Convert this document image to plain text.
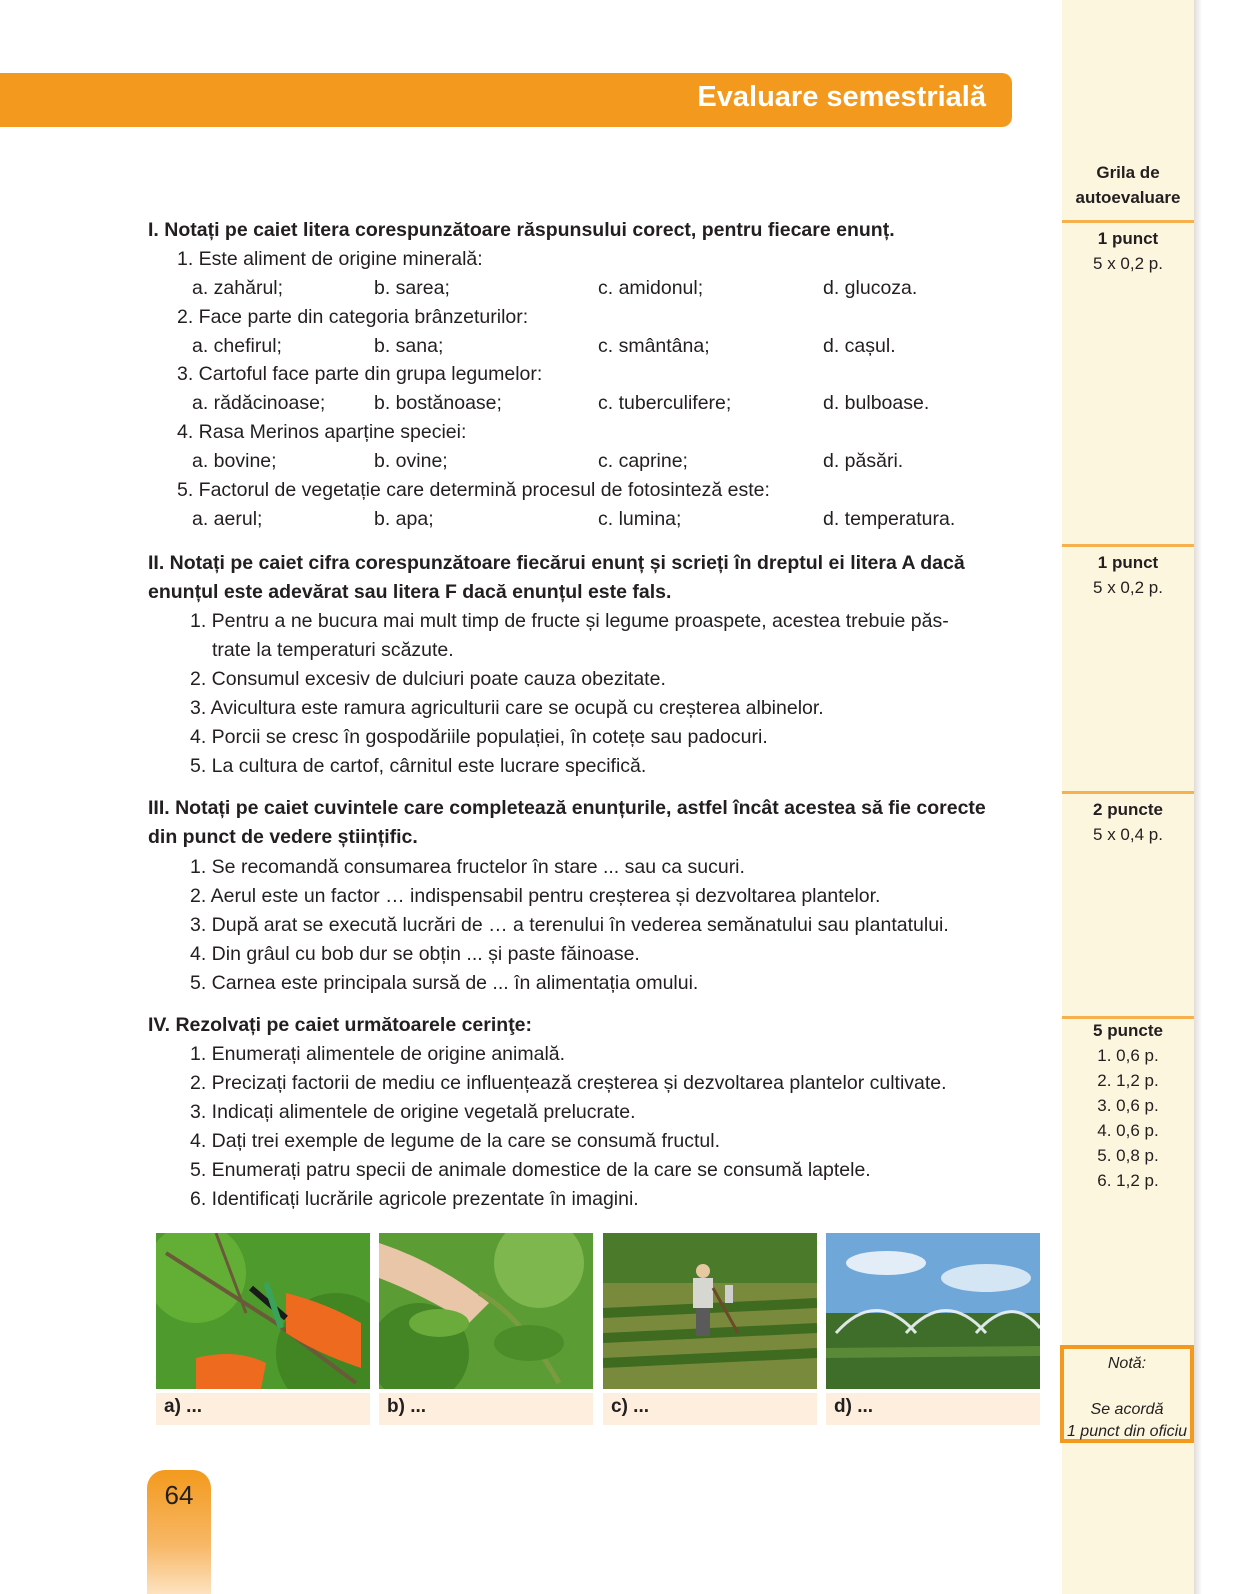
Evaluare semestrială
Grila de
autoevaluare
1 punct
5 x 0,2 p.
1 punct
5 x 0,2 p.
2 puncte
5 x 0,4 p.
5 puncte
1. 0,6 p.
2. 1,2 p.
3. 0,6 p.
4. 0,6 p.
5. 0,8 p.
6. 1,2 p.
I. Notați pe caiet litera corespunzătoare răspunsului corect, pentru fiecare enunț.
1. Este aliment de origine minerală:
a. zahărul;	b. sarea;	c. amidonul;	d. glucoza.
2. Face parte din categoria brânzeturilor:
a. chefirul;	b. sana;	c. smântâna;	d. cașul.
3. Cartoful face parte din grupa legumelor:
a. rădăcinoase; b. bostănoase;	c. tuberculifere;	d. bulboase.
4. Rasa Merinos aparține speciei:
a. bovine;	b. ovine;	c. caprine;	d. păsări.
5. Factorul de vegetație care determină procesul de fotosinteză este:
a. aerul;	b. apa;	c. lumina;	d. temperatura.
II. Notați pe caiet cifra corespunzătoare fiecărui enunț și scrieți în dreptul ei litera A dacă
enunțul este adevărat sau litera F dacă enunțul este fals.
1. Pentru a ne bucura mai mult timp de fructe și legume proaspete, acestea trebuie păs-
trate la temperaturi scăzute.
2. Consumul excesiv de dulciuri poate cauza obezitate.
3. Avicultura este ramura agriculturii care se ocupă cu creșterea albinelor.
4. Porcii se cresc în gospodăriile populației, în cotețe sau padocuri.
5. La cultura de cartof, cârnitul este lucrare specifică.
III. Notați pe caiet cuvintele care completează enunțurile, astfel încât acestea să fie corecte
din punct de vedere științific.
1. Se recomandă consumarea fructelor în stare ... sau ca sucuri.
2. Aerul este un factor … indispensabil pentru creșterea și dezvoltarea plantelor.
3. După arat se execută lucrări de … a terenului în vederea semănatului sau plantatului.
4. Din grâul cu bob dur se obțin ... și paste făinoase.
5. Carnea este principala sursă de ... în alimentația omului.
IV. Rezolvați pe caiet următoarele cerinţe:
1. Enumerați alimentele de origine animală.
2. Precizați factorii de mediu ce influențează creșterea și dezvoltarea plantelor cultivate.
3. Indicați alimentele de origine vegetală prelucrate.
4. Dați trei exemple de legume de la care se consumă fructul.
5. Enumerați patru specii de animale domestice de la care se consumă laptele.
6. Identificați lucrările agricole prezentate în imagini.
a) ...	b) ...	c) ...	d) ...
Notă:
Se acordă
1 punct din oficiu
64
